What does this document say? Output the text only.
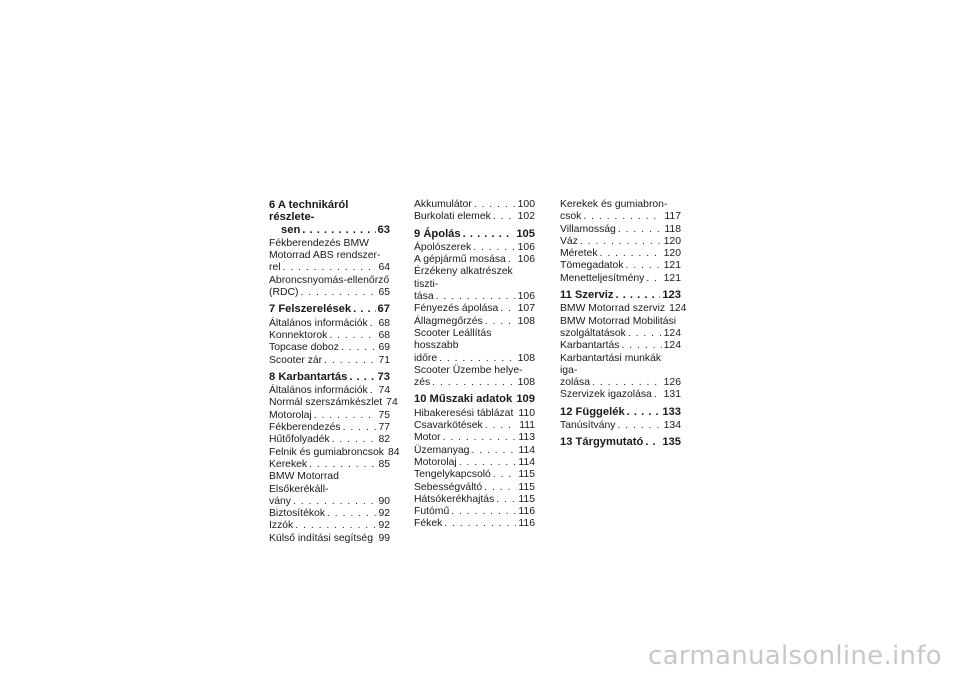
6 A technikáról részlete-
sen . . .	63
Fékberendezés BMW
Motorrad ABS rendszer-
rel . . .	64
Abroncsnyomás-ellenőrző
(RDC) . . .	65
7 Felszerelések . . . 67
Általános információk . . . 68
Konnektorok . . .	68
Topcase doboz . . .	69
Scooter zár . . .	71
8 Karbantartás . . .	73
Általános információk . . . 74
Normál szerszámkészlet 74
Motorolaj . . .	75
Fékberendezés . . .	77
Hűtőfolyadék . . .	82
Felnik és gumiabroncsok 84
Kerekek . . .	85
BMW Motorrad Elsőkerékáll-
vány . . .	90
Biztosítékok . . .	92
Izzók . . .	92
Külső indítási segítség . . . 99
Akkumulátor . . .	100
Burkolati elemek . . .	102
9 Ápolás . . .	105
Ápolószerek . . .	106
A gépjármű mosása . . . 106
Érzékeny alkatrészek tiszti-
tása . . .	106
Fényezés ápolása . . . 107
Állagmegőrzés . . .	108
Scooter Leállítás hosszabb
időre . . .	108
Scooter Üzembe helye-
zés . . .	108
10 Műszaki adatok . . . 109
Hibakeresési táblázat . . . 110
Csavarkötések . . .	111
Motor . . .	113
Üzemanyag . . .	114
Motorolaj . . .	114
Tengelykapcsoló . . .	115
Sebességváltó . . .	115
Hátsókerékhajtás . . . 115
Futómű . . .	116
Fékek . . .	116
Kerekek és gumiabron-
csok . . .	117
Villamosság . . .	118
Váz . . .	120
Méretek . . .	120
Tömegadatok . . .	121
Menetteljesítmény . . . 121
11 Szerviz . . .	123
BMW Motorrad szerviz 124
BMW Motorrad Mobilitási
szolgáltatások . . .	124
Karbantartás . . .	124
Karbantartási munkák iga-
zolása . . .	126
Szervizek igazolása . . . 131
12 Függelék . . .	133
Tanúsítvány . . .	134
13 Tárgymutató . . . 135
carmanualsonline.info
